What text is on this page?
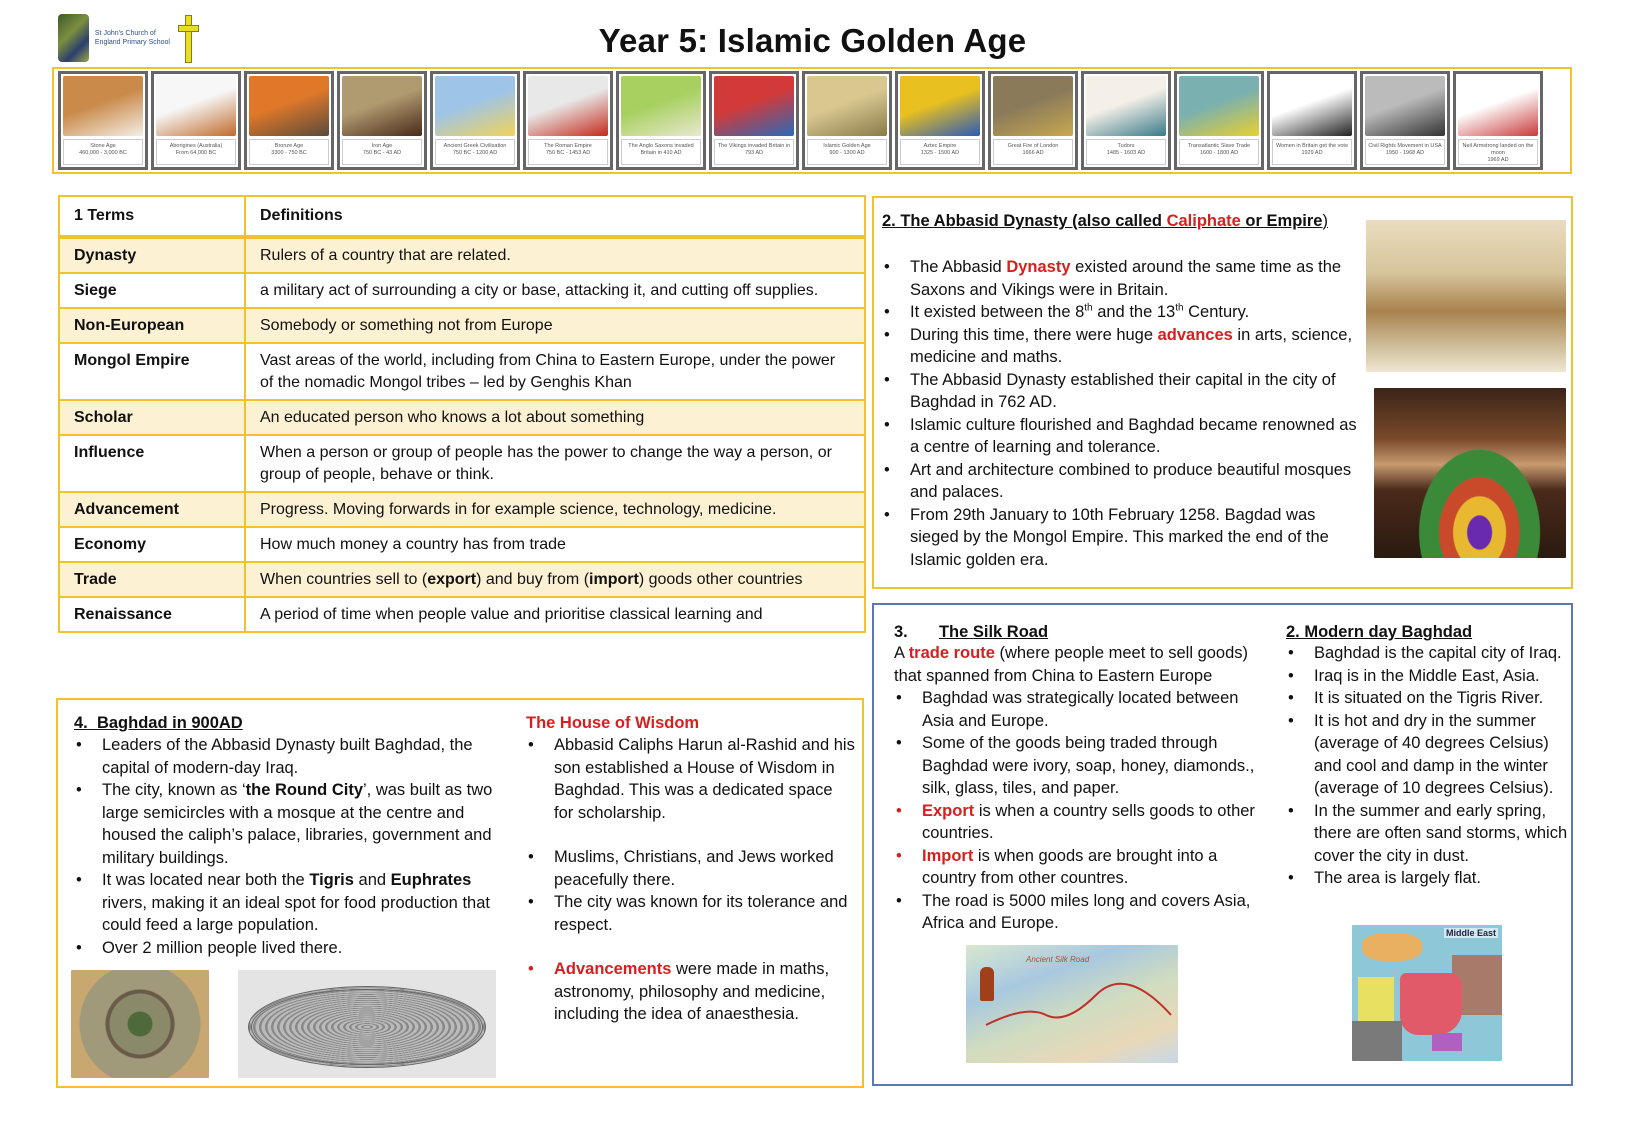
St John's Church of England Primary School	Year 5: Islamic Golden Age
Stone Age
460,000 - 3,000 BC
Aborigines (Australia)
From 64,000 BC
Bronze Age
3300 - 750 BC
Iron Age
750 BC - 43 AD
Ancient Greek Civilisation
750 BC - 1200 AD
The Roman Empire
750 BC - 1453 AD
The Anglo Saxons invaded Britain in 410 AD
The Vikings invaded Britain in 793 AD
Islamic Golden Age
900 - 1300 AD
Aztec Empire
1325 - 1500 AD
Great Fire of London
1666 AD
Tudors
1485 - 1603 AD
Transatlantic Slave Trade
1600 - 1800 AD
Women in Britain get the vote
1929 AD
Civil Rights Movement in USA
1950 - 1968 AD
Neil Armstrong landed on the moon
1969 AD
1 Terms	Definitions
Dynasty	Rulers of a country that are related.
Siege	a military act of surrounding a city or base, attacking it, and cutting off supplies.
Non-European	Somebody or something not from Europe
Mongol Empire	Vast areas of the world, including from China to Eastern Europe, under the power of the nomadic Mongol tribes – led by Genghis Khan
Scholar	An educated person who knows a lot about something
Influence	When a person or group of people has the power to change the way a person, or group of people, behave or think.
Advancement	Progress. Moving forwards in for example science, technology, medicine.
Economy	How much money a country has from trade
Trade	When countries sell to (export) and buy from (import) goods other countries
Renaissance	A period of time when people value and prioritise classical learning and
4. Baghdad in 900AD
• Leaders of the Abbasid Dynasty built Baghdad, the capital of modern-day Iraq.
• The city, known as ‘the Round City’, was built as two large semicircles with a mosque at the centre and housed the caliph’s palace, libraries, government and military buildings.
• It was located near both the Tigris and Euphrates rivers, making it an ideal spot for food production that could feed a large population.
• Over 2 million people lived there.
The House of Wisdom
• Abbasid Caliphs Harun al-Rashid and his son established a House of Wisdom in Baghdad. This was a dedicated space for scholarship.
• Muslims, Christians, and Jews worked peacefully there.
• The city was known for its tolerance and respect.
• Advancements were made in maths, astronomy, philosophy and medicine, including the idea of anaesthesia.
2. The Abbasid Dynasty (also called Caliphate or Empire)
• The Abbasid Dynasty existed around the same time as the Saxons and Vikings were in Britain.
• It existed between the 8th and the 13th Century.
• During this time, there were huge advances in arts, science, medicine and maths.
• The Abbasid Dynasty established their capital in the city of Baghdad in 762 AD.
• Islamic culture flourished and Baghdad became renowned as a centre of learning and tolerance.
• Art and architecture combined to produce beautiful mosques and palaces.
• From 29th January to 10th February 1258. Bagdad was sieged by the Mongol Empire. This marked the end of the Islamic golden era.
3. The Silk Road
A trade route (where people meet to sell goods) that spanned from China to Eastern Europe
• Baghdad was strategically located between Asia and Europe.
• Some of the goods being traded through Baghdad were ivory, soap, honey, diamonds., silk, glass, tiles, and paper.
• Export is when a country sells goods to other countries.
• Import is when goods are brought into a country from other countres.
• The road is 5000 miles long and covers Asia, Africa and Europe.
Ancient Silk Road
2. Modern day Baghdad
• Baghdad is the capital city of Iraq.
• Iraq is in the Middle East, Asia.
• It is situated on the Tigris River.
• It is hot and dry in the summer (average of 40 degrees Celsius) and cool and damp in the winter (average of 10 degrees Celsius).
• In the summer and early spring, there are often sand storms, which cover the city in dust.
• The area is largely flat.
Middle East
